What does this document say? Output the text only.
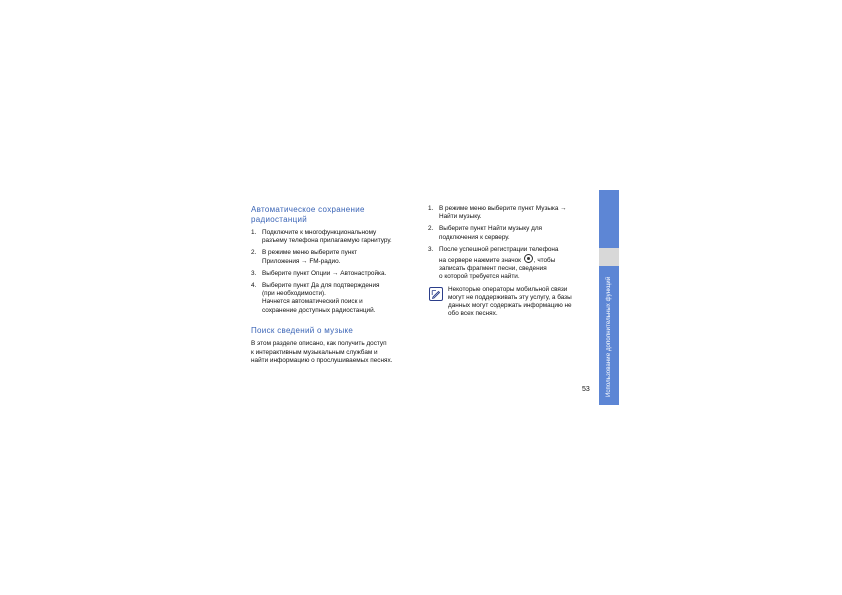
Автоматическое сохранение
радиостанций
1. Подключите к многофункциональному
разъему телефона прилагаемую гарнитуру.
2. В режиме меню выберите пункт
Приложения → FM-радио.
3. Выберите пункт Опции → Автонастройка.
4. Выберите пункт Да для подтверждения
(при необходимости).
Начнется автоматический поиск и
сохранение доступных радиостанций.
Поиск сведений о музыке
В этом разделе описано, как получить доступ
к интерактивным музыкальным службам и
найти информацию о прослушиваемых песнях.
1. В режиме меню выберите пункт Музыка →
Найти музыку.
2. Выберите пункт Найти музыку для
подключения к серверу.
3. После успешной регистрации телефона
на сервере нажмите значок , чтобы
записать фрагмент песни, сведения
о которой требуется найти.
Некоторые операторы мобильной связи
могут не поддерживать эту услугу, а базы
данных могут содержать информацию не
обо всех песнях.
53	Использование дополнительных функций
